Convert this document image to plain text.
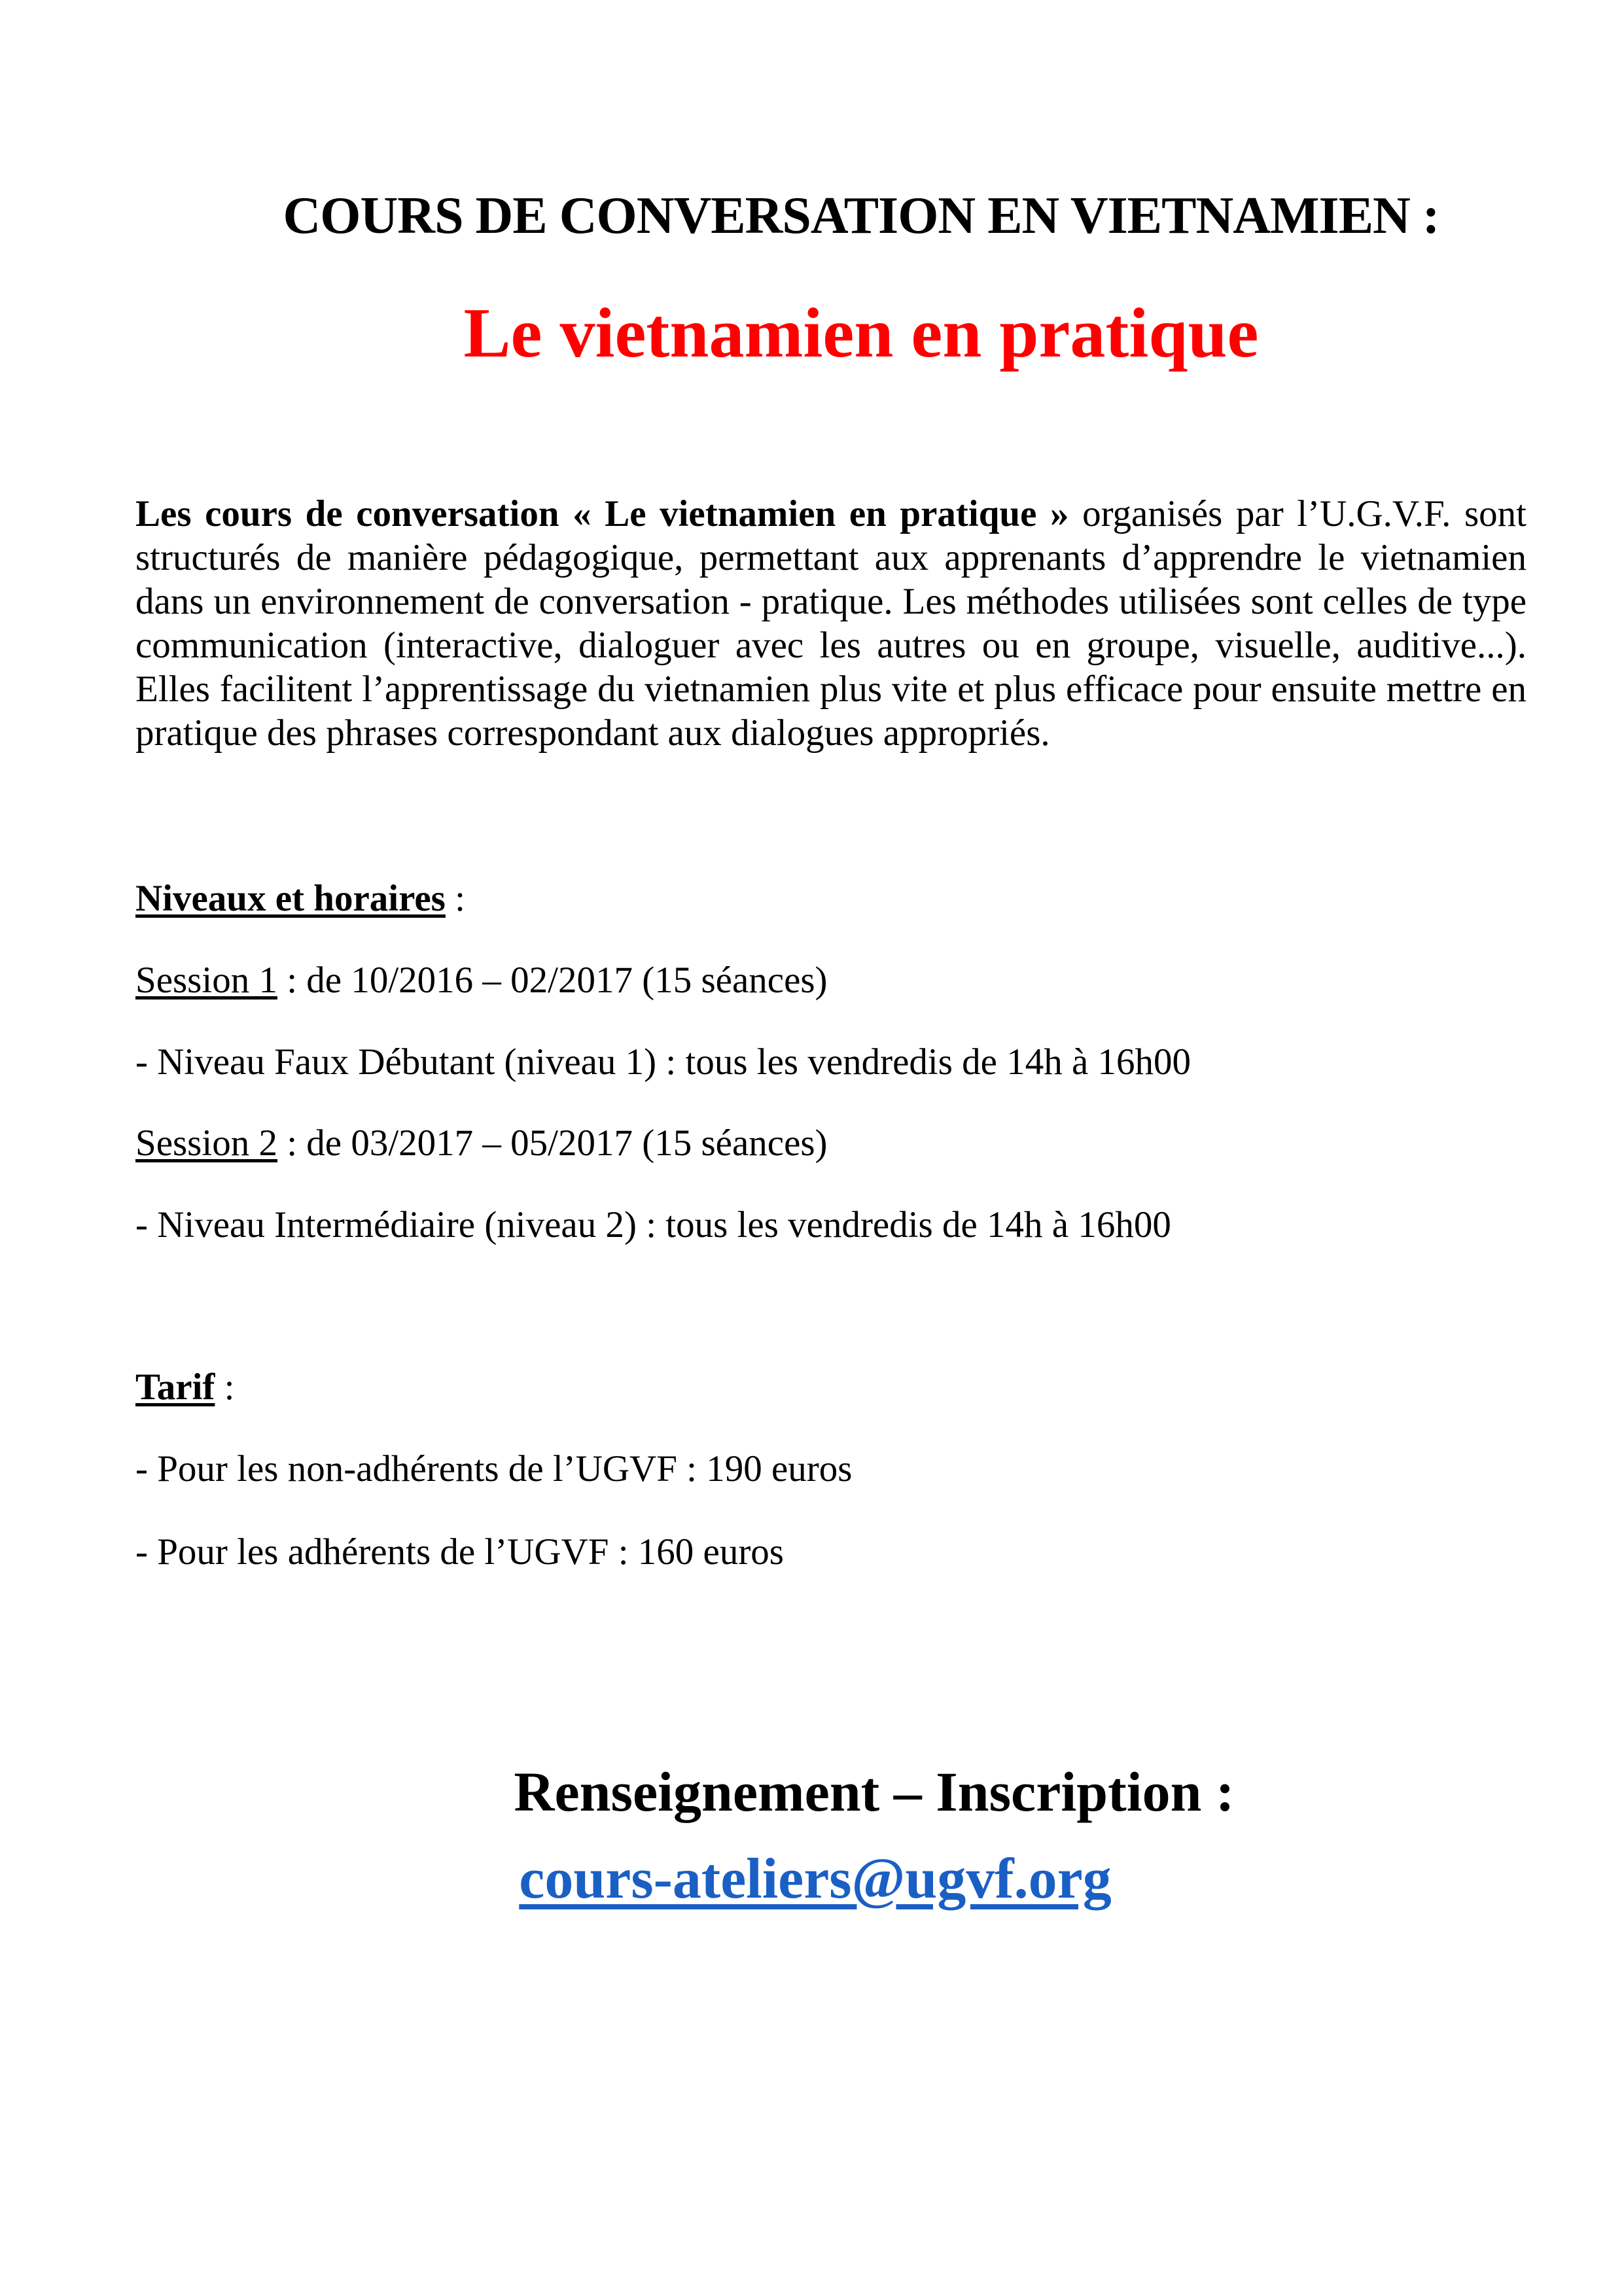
COURS DE CONVERSATION EN VIETNAMIEN :
Le vietnamien en pratique
Les cours de conversation « Le vietnamien en pratique » organisés par l’U.G.V.F. sont structurés de manière pédagogique, permettant aux apprenants d’apprendre le vietnamien dans un environnement de conversation - pratique. Les méthodes utilisées sont celles de type communication (interactive, dialoguer avec les autres ou en groupe, visuelle, auditive...). Elles facilitent l’apprentissage du vietnamien plus vite et plus efficace pour ensuite mettre en pratique des phrases correspondant aux dialogues appropriés.
Niveaux et horaires :
Session 1 : de 10/2016 – 02/2017 (15 séances)
- Niveau Faux Débutant (niveau 1) : tous les vendredis de 14h à 16h00
Session 2 : de 03/2017 – 05/2017 (15 séances)
- Niveau Intermédiaire (niveau 2) : tous les vendredis de 14h à 16h00
Tarif :
- Pour les non-adhérents de l’UGVF : 190 euros
- Pour les adhérents de l’UGVF : 160 euros
Renseignement – Inscription :
cours-ateliers@ugvf.org
